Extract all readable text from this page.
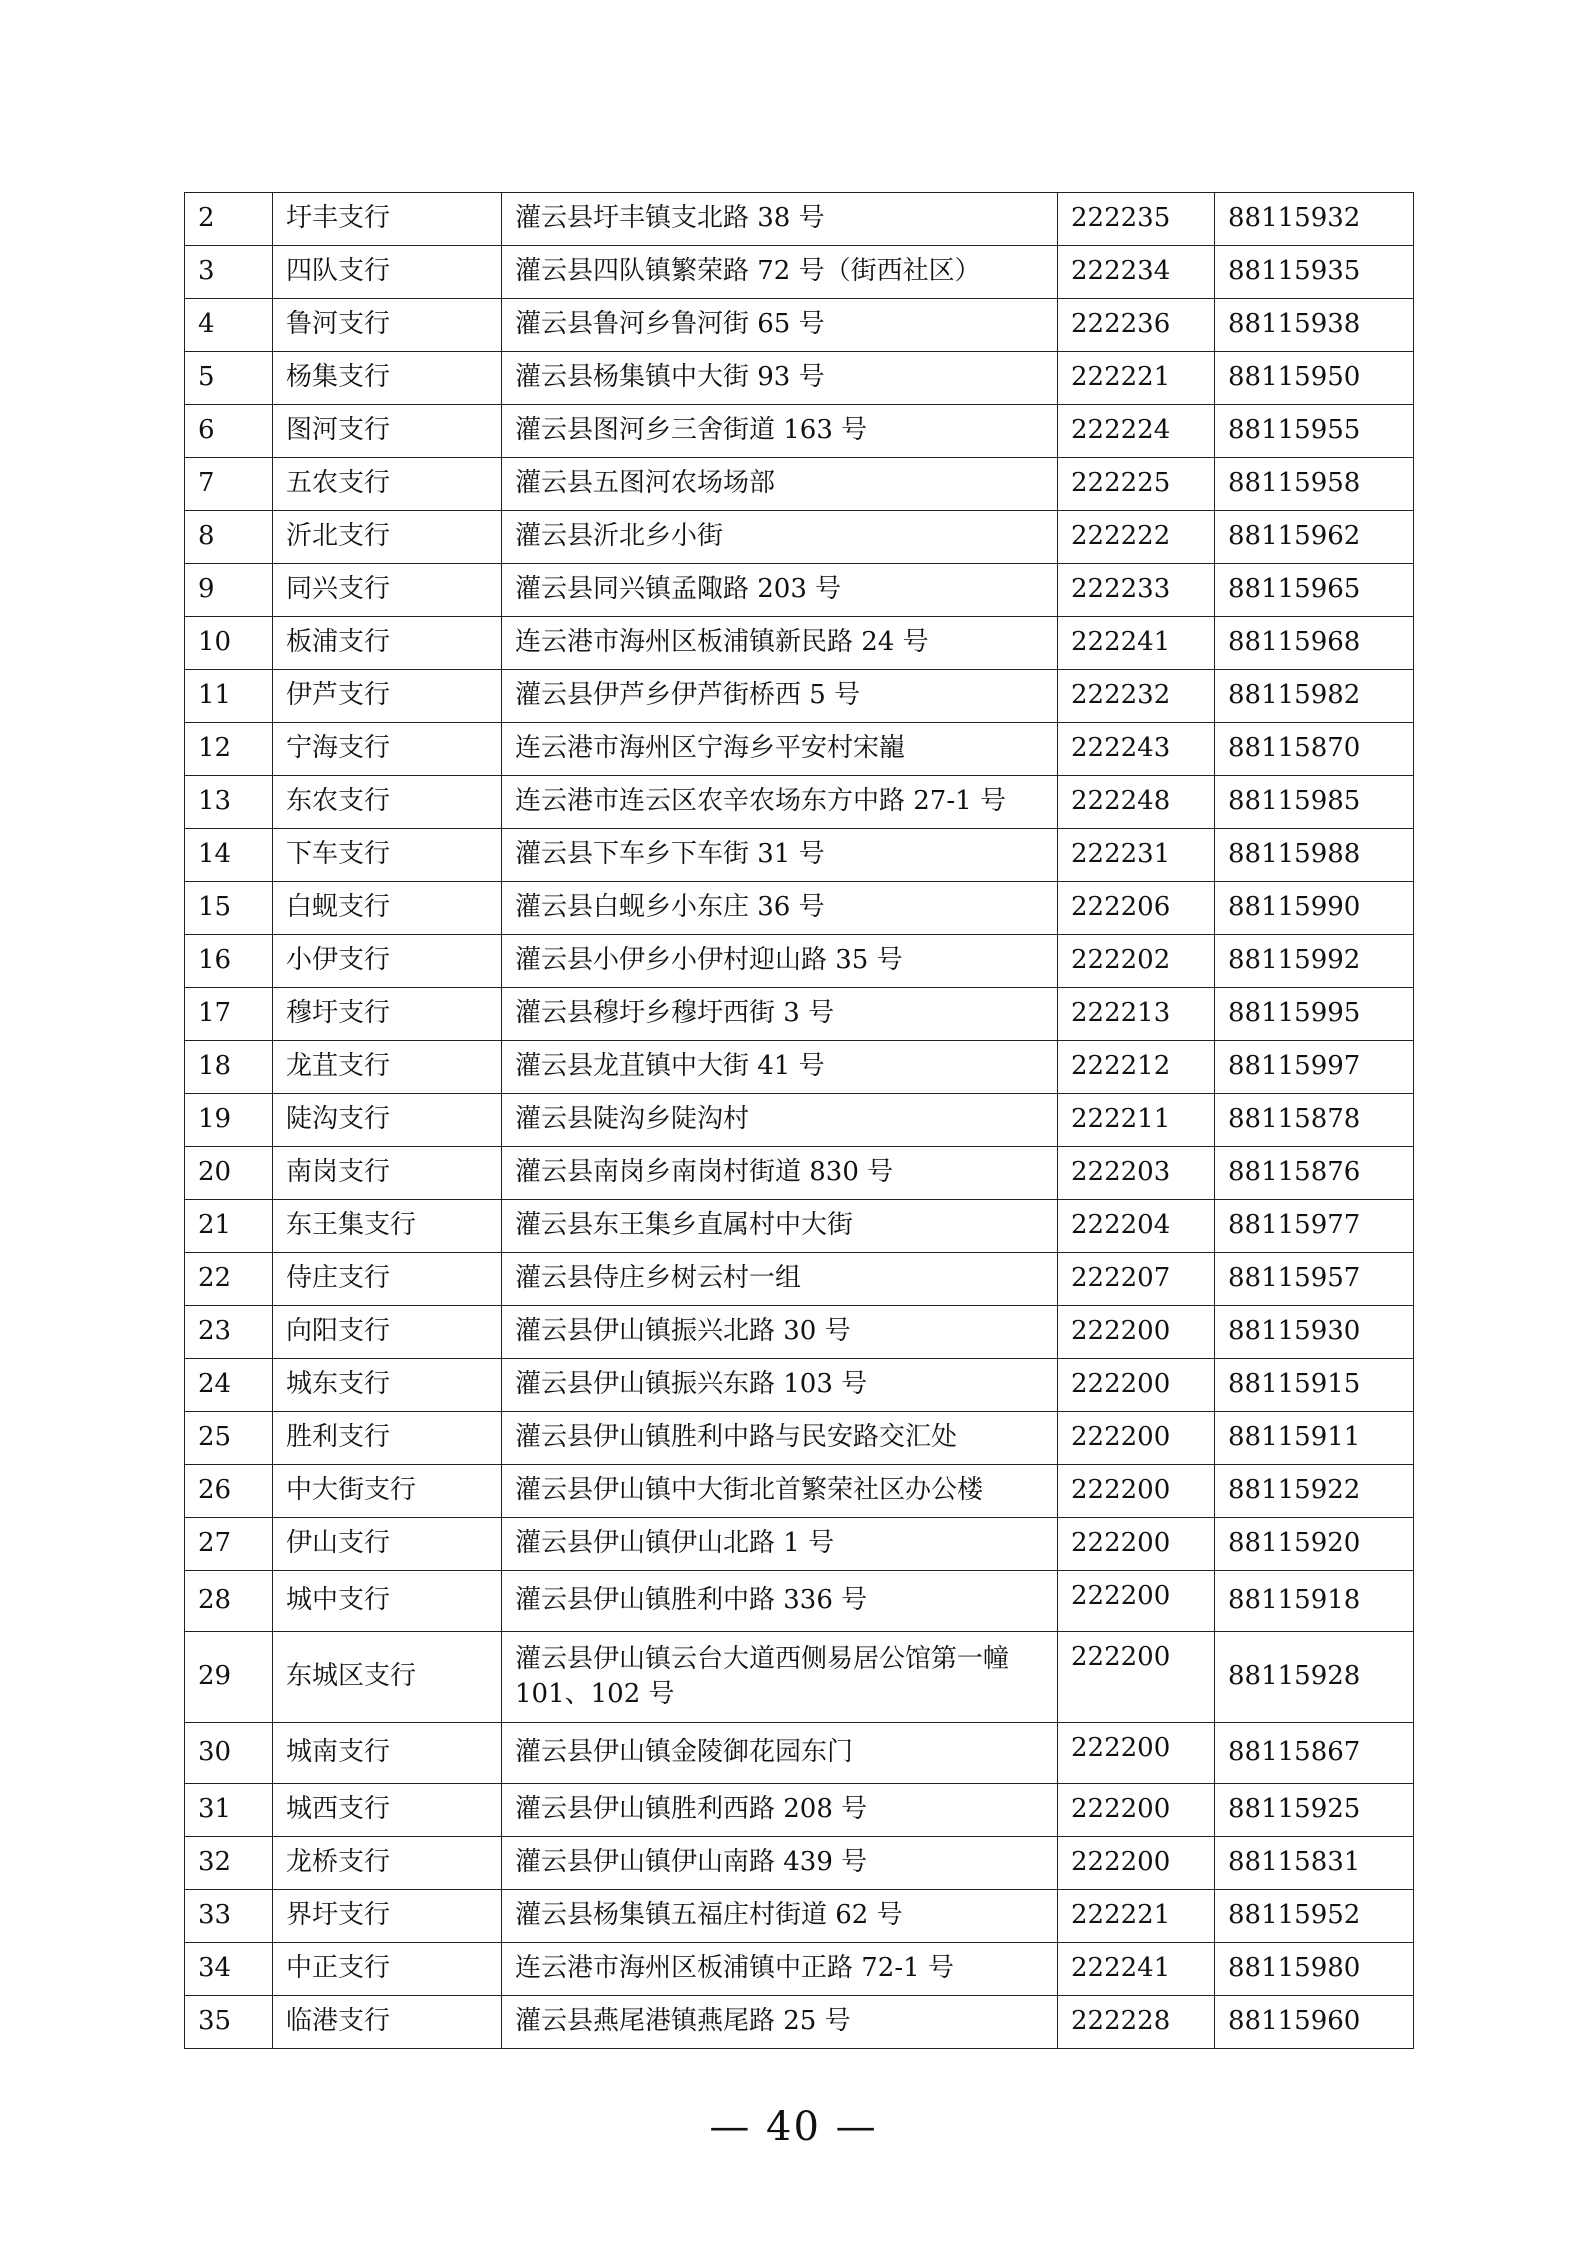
2	圩丰支行	灌云县圩丰镇支北路 38 号	222235	88115932
3	四队支行	灌云县四队镇繁荣路 72 号（街西社区）	222234	88115935
4	鲁河支行	灌云县鲁河乡鲁河街 65 号	222236	88115938
5	杨集支行	灌云县杨集镇中大街 93 号	222221	88115950
6	图河支行	灌云县图河乡三舍街道 163 号	222224	88115955
7	五农支行	灌云县五图河农场场部	222225	88115958
8	沂北支行	灌云县沂北乡小街	222222	88115962
9	同兴支行	灌云县同兴镇孟陬路 203 号	222233	88115965
10	板浦支行	连云港市海州区板浦镇新民路 24 号	222241	88115968
11	伊芦支行	灌云县伊芦乡伊芦街桥西 5 号	222232	88115982
12	宁海支行	连云港市海州区宁海乡平安村宋巃	222243	88115870
13	东农支行	连云港市连云区农辛农场东方中路 27-1 号	222248	88115985
14	下车支行	灌云县下车乡下车街 31 号	222231	88115988
15	白蚬支行	灌云县白蚬乡小东庄 36 号	222206	88115990
16	小伊支行	灌云县小伊乡小伊村迎山路 35 号	222202	88115992
17	穆圩支行	灌云县穆圩乡穆圩西街 3 号	222213	88115995
18	龙苴支行	灌云县龙苴镇中大街 41 号	222212	88115997
19	陡沟支行	灌云县陡沟乡陡沟村	222211	88115878
20	南岗支行	灌云县南岗乡南岗村街道 830 号	222203	88115876
21	东王集支行	灌云县东王集乡直属村中大街	222204	88115977
22	侍庄支行	灌云县侍庄乡树云村一组	222207	88115957
23	向阳支行	灌云县伊山镇振兴北路 30 号	222200	88115930
24	城东支行	灌云县伊山镇振兴东路 103 号	222200	88115915
25	胜利支行	灌云县伊山镇胜利中路与民安路交汇处	222200	88115911
26	中大街支行	灌云县伊山镇中大街北首繁荣社区办公楼	222200	88115922
27	伊山支行	灌云县伊山镇伊山北路 1 号	222200	88115920
28	城中支行	灌云县伊山镇胜利中路 336 号	222200	88115918
29	东城区支行	灌云县伊山镇云台大道西侧易居公馆第一幢 101、102 号	222200	88115928
30	城南支行	灌云县伊山镇金陵御花园东门	222200	88115867
31	城西支行	灌云县伊山镇胜利西路 208 号	222200	88115925
32	龙桥支行	灌云县伊山镇伊山南路 439 号	222200	88115831
33	界圩支行	灌云县杨集镇五福庄村街道 62 号	222221	88115952
34	中正支行	连云港市海州区板浦镇中正路 72-1 号	222241	88115980
35	临港支行	灌云县燕尾港镇燕尾路 25 号	222228	88115960
— 40 —
